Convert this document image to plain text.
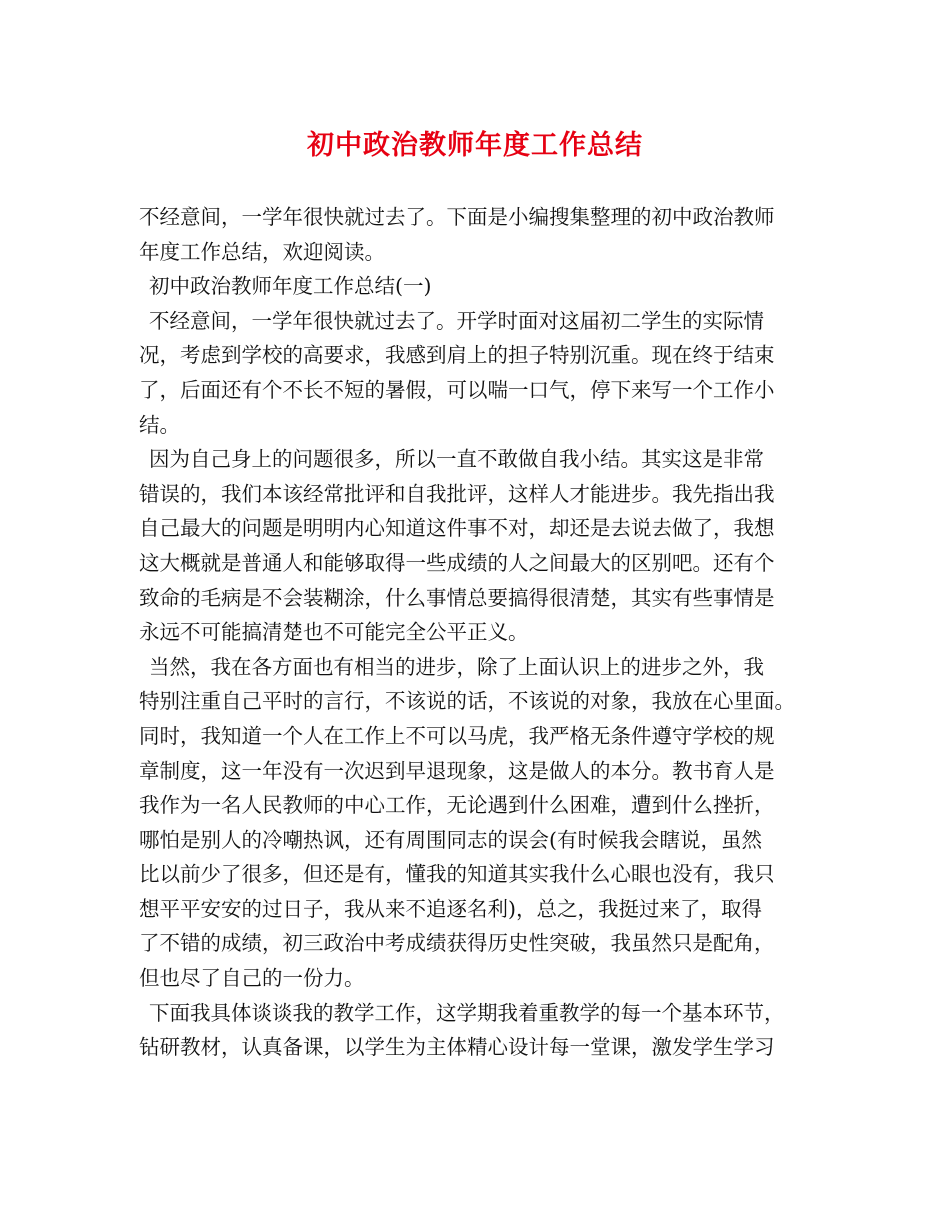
初中政治教师年度工作总结
不经意间，一学年很快就过去了。下面是小编搜集整理的初中政治教师
年度工作总结，欢迎阅读。
初中政治教师年度工作总结(一)
不经意间，一学年很快就过去了。开学时面对这届初二学生的实际情
况，考虑到学校的高要求，我感到肩上的担子特别沉重。现在终于结束
了，后面还有个不长不短的暑假，可以喘一口气，停下来写一个工作小
结。
因为自己身上的问题很多，所以一直不敢做自我小结。其实这是非常
错误的，我们本该经常批评和自我批评，这样人才能进步。我先指出我
自己最大的问题是明明内心知道这件事不对，却还是去说去做了，我想
这大概就是普通人和能够取得一些成绩的人之间最大的区别吧。还有个
致命的毛病是不会装糊涂，什么事情总要搞得很清楚，其实有些事情是
永远不可能搞清楚也不可能完全公平正义。
当然，我在各方面也有相当的进步，除了上面认识上的进步之外，我
特别注重自己平时的言行，不该说的话，不该说的对象，我放在心里面。
同时，我知道一个人在工作上不可以马虎，我严格无条件遵守学校的规
章制度，这一年没有一次迟到早退现象，这是做人的本分。教书育人是
我作为一名人民教师的中心工作，无论遇到什么困难，遭到什么挫折，
哪怕是别人的冷嘲热讽，还有周围同志的误会(有时候我会瞎说，虽然
比以前少了很多，但还是有，懂我的知道其实我什么心眼也没有，我只
想平平安安的过日子，我从来不追逐名利)，总之，我挺过来了，取得
了不错的成绩，初三政治中考成绩获得历史性突破，我虽然只是配角，
但也尽了自己的一份力。
下面我具体谈谈我的教学工作，这学期我着重教学的每一个基本环节，
钻研教材，认真备课，以学生为主体精心设计每一堂课，激发学生学习
